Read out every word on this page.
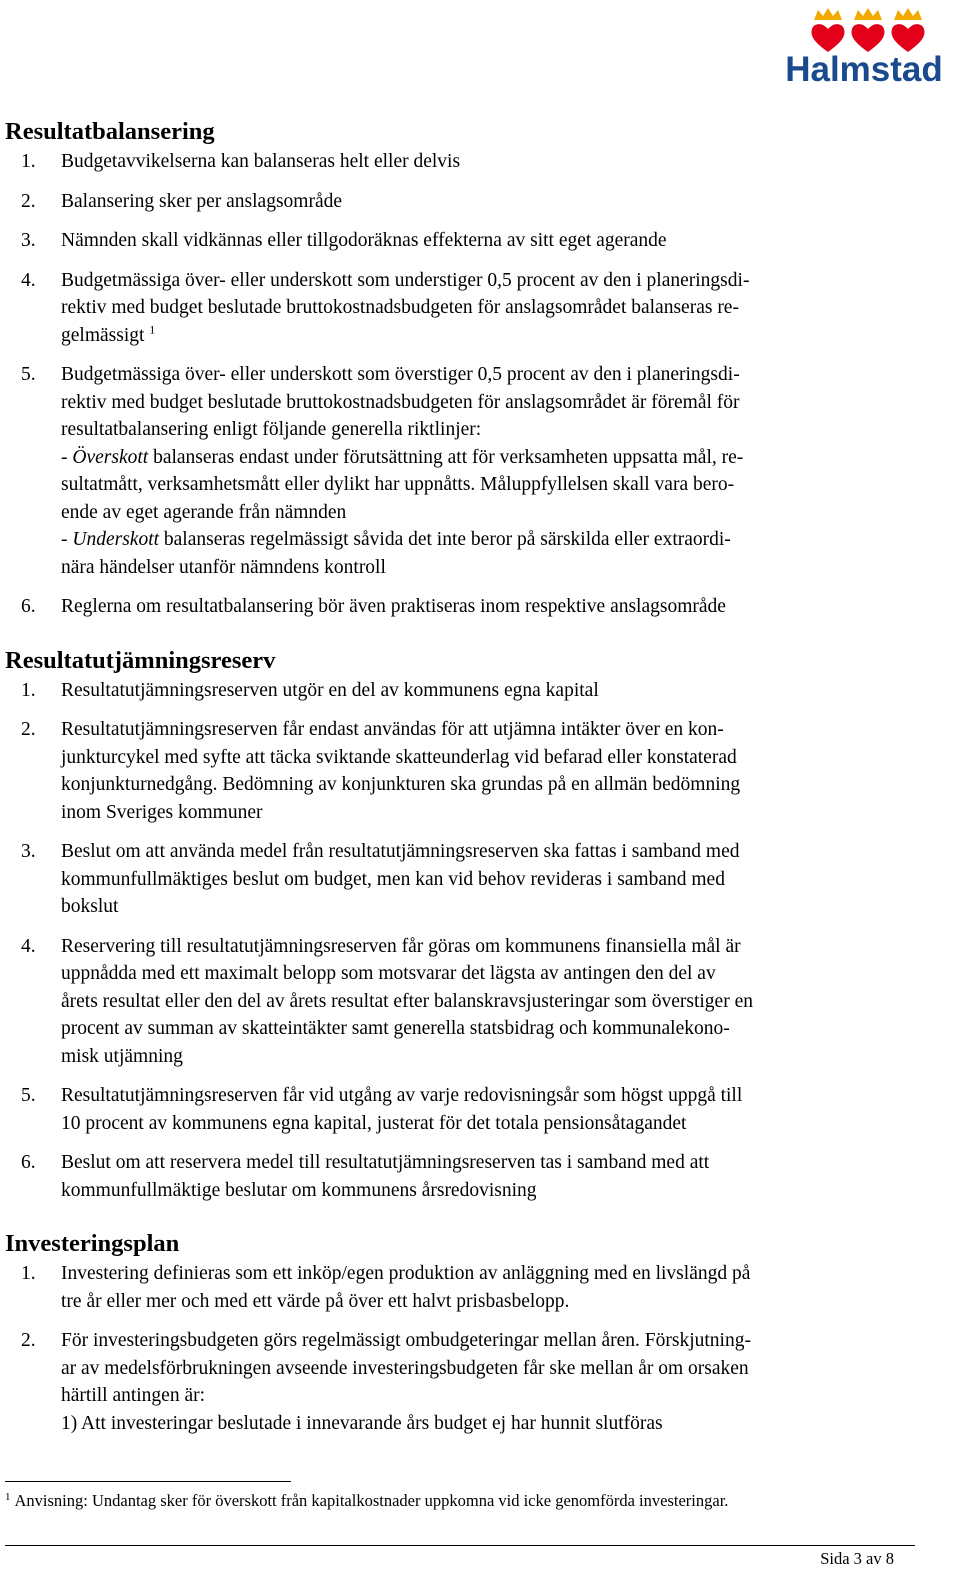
Halmstad
Resultatbalansering
1. Budgetavvikelserna kan balanseras helt eller delvis
2. Balansering sker per anslagsområde
3. Nämnden skall vidkännas eller tillgodoräknas effekterna av sitt eget agerande
4. Budgetmässiga över- eller underskott som understiger 0,5 procent av den i planeringsdi-
rektiv med budget beslutade bruttokostnadsbudgeten för anslagsområdet balanseras re-
gelmässigt $^1$
5. Budgetmässiga över- eller underskott som överstiger 0,5 procent av den i planeringsdi-
rektiv med budget beslutade bruttokostnadsbudgeten för anslagsområdet är föremål för
resultatbalansering enligt följande generella riktlinjer:
- Överskott balanseras endast under förutsättning att för verksamheten uppsatta mål, re-
sultatmått, verksamhetsmått eller dylikt har uppnåtts. Måluppfyllelsen skall vara bero-
ende av eget agerande från nämnden
- Underskott balanseras regelmässigt såvida det inte beror på särskilda eller extraordi-
nära händelser utanför nämndens kontroll
6. Reglerna om resultatbalansering bör även praktiseras inom respektive anslagsområde
Resultatutjämningsreserv
1. Resultatutjämningsreserven utgör en del av kommunens egna kapital
2. Resultatutjämningsreserven får endast användas för att utjämna intäkter över en kon-
junkturcykel med syfte att täcka sviktande skatteunderlag vid befarad eller konstaterad
konjunkturnedgång. Bedömning av konjunkturen ska grundas på en allmän bedömning
inom Sveriges kommuner
3. Beslut om att använda medel från resultatutjämningsreserven ska fattas i samband med
kommunfullmäktiges beslut om budget, men kan vid behov revideras i samband med
bokslut
4. Reservering till resultatutjämningsreserven får göras om kommunens finansiella mål är
uppnådda med ett maximalt belopp som motsvarar det lägsta av antingen den del av
årets resultat eller den del av årets resultat efter balanskravsjusteringar som överstiger en
procent av summan av skatteintäkter samt generella statsbidrag och kommunalekono-
misk utjämning
5. Resultatutjämningsreserven får vid utgång av varje redovisningsår som högst uppgå till
10 procent av kommunens egna kapital, justerat för det totala pensionsåtagandet
6. Beslut om att reservera medel till resultatutjämningsreserven tas i samband med att
kommunfullmäktige beslutar om kommunens årsredovisning
Investeringsplan
1. Investering definieras som ett inköp/egen produktion av anläggning med en livslängd på
tre år eller mer och med ett värde på över ett halvt prisbasbelopp.
2. För investeringsbudgeten görs regelmässigt ombudgeteringar mellan åren. Förskjutning-
ar av medelsförbrukningen avseende investeringsbudgeten får ske mellan år om orsaken
härtill antingen är:
1) Att investeringar beslutade i innevarande års budget ej har hunnit slutföras
$^1$ Anvisning: Undantag sker för överskott från kapitalkostnader uppkomna vid icke genomförda investeringar.
Sida 3 av 8
